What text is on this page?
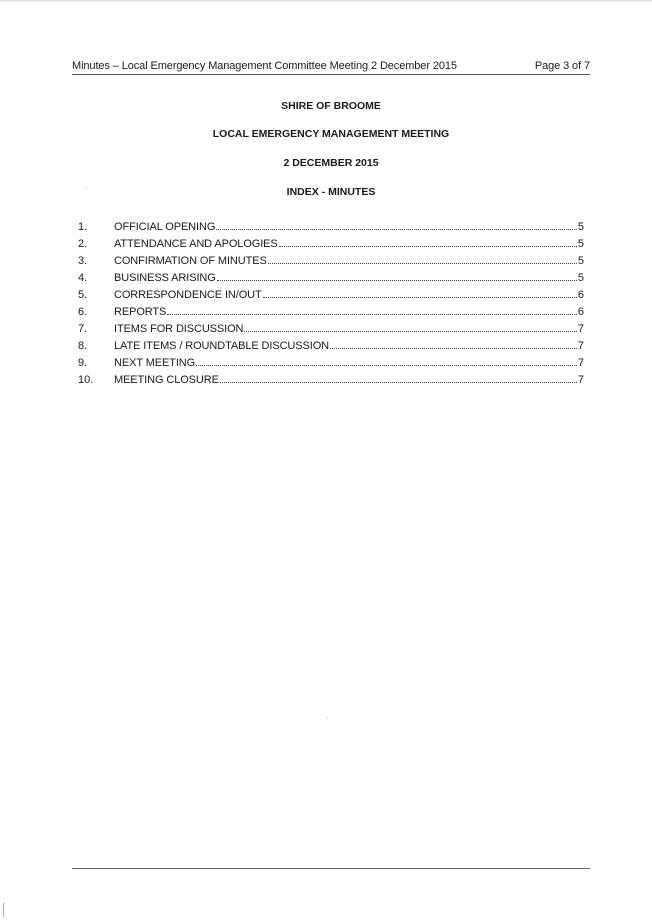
Minutes – Local Emergency Management Committee Meeting 2 December 2015	Page 3 of 7
SHIRE OF BROOME
LOCAL EMERGENCY MANAGEMENT MEETING
2 DECEMBER 2015
INDEX - MINUTES
1.	OFFICIAL OPENING	5
2.	ATTENDANCE AND APOLOGIES	5
3.	CONFIRMATION OF MINUTES	5
4.	BUSINESS ARISING	5
5.	CORRESPONDENCE IN/OUT	6
6.	REPORTS	6
7.	ITEMS FOR DISCUSSION	7
8.	LATE ITEMS / ROUNDTABLE DISCUSSION	7
9.	NEXT MEETING	7
10.	MEETING CLOSURE	7
